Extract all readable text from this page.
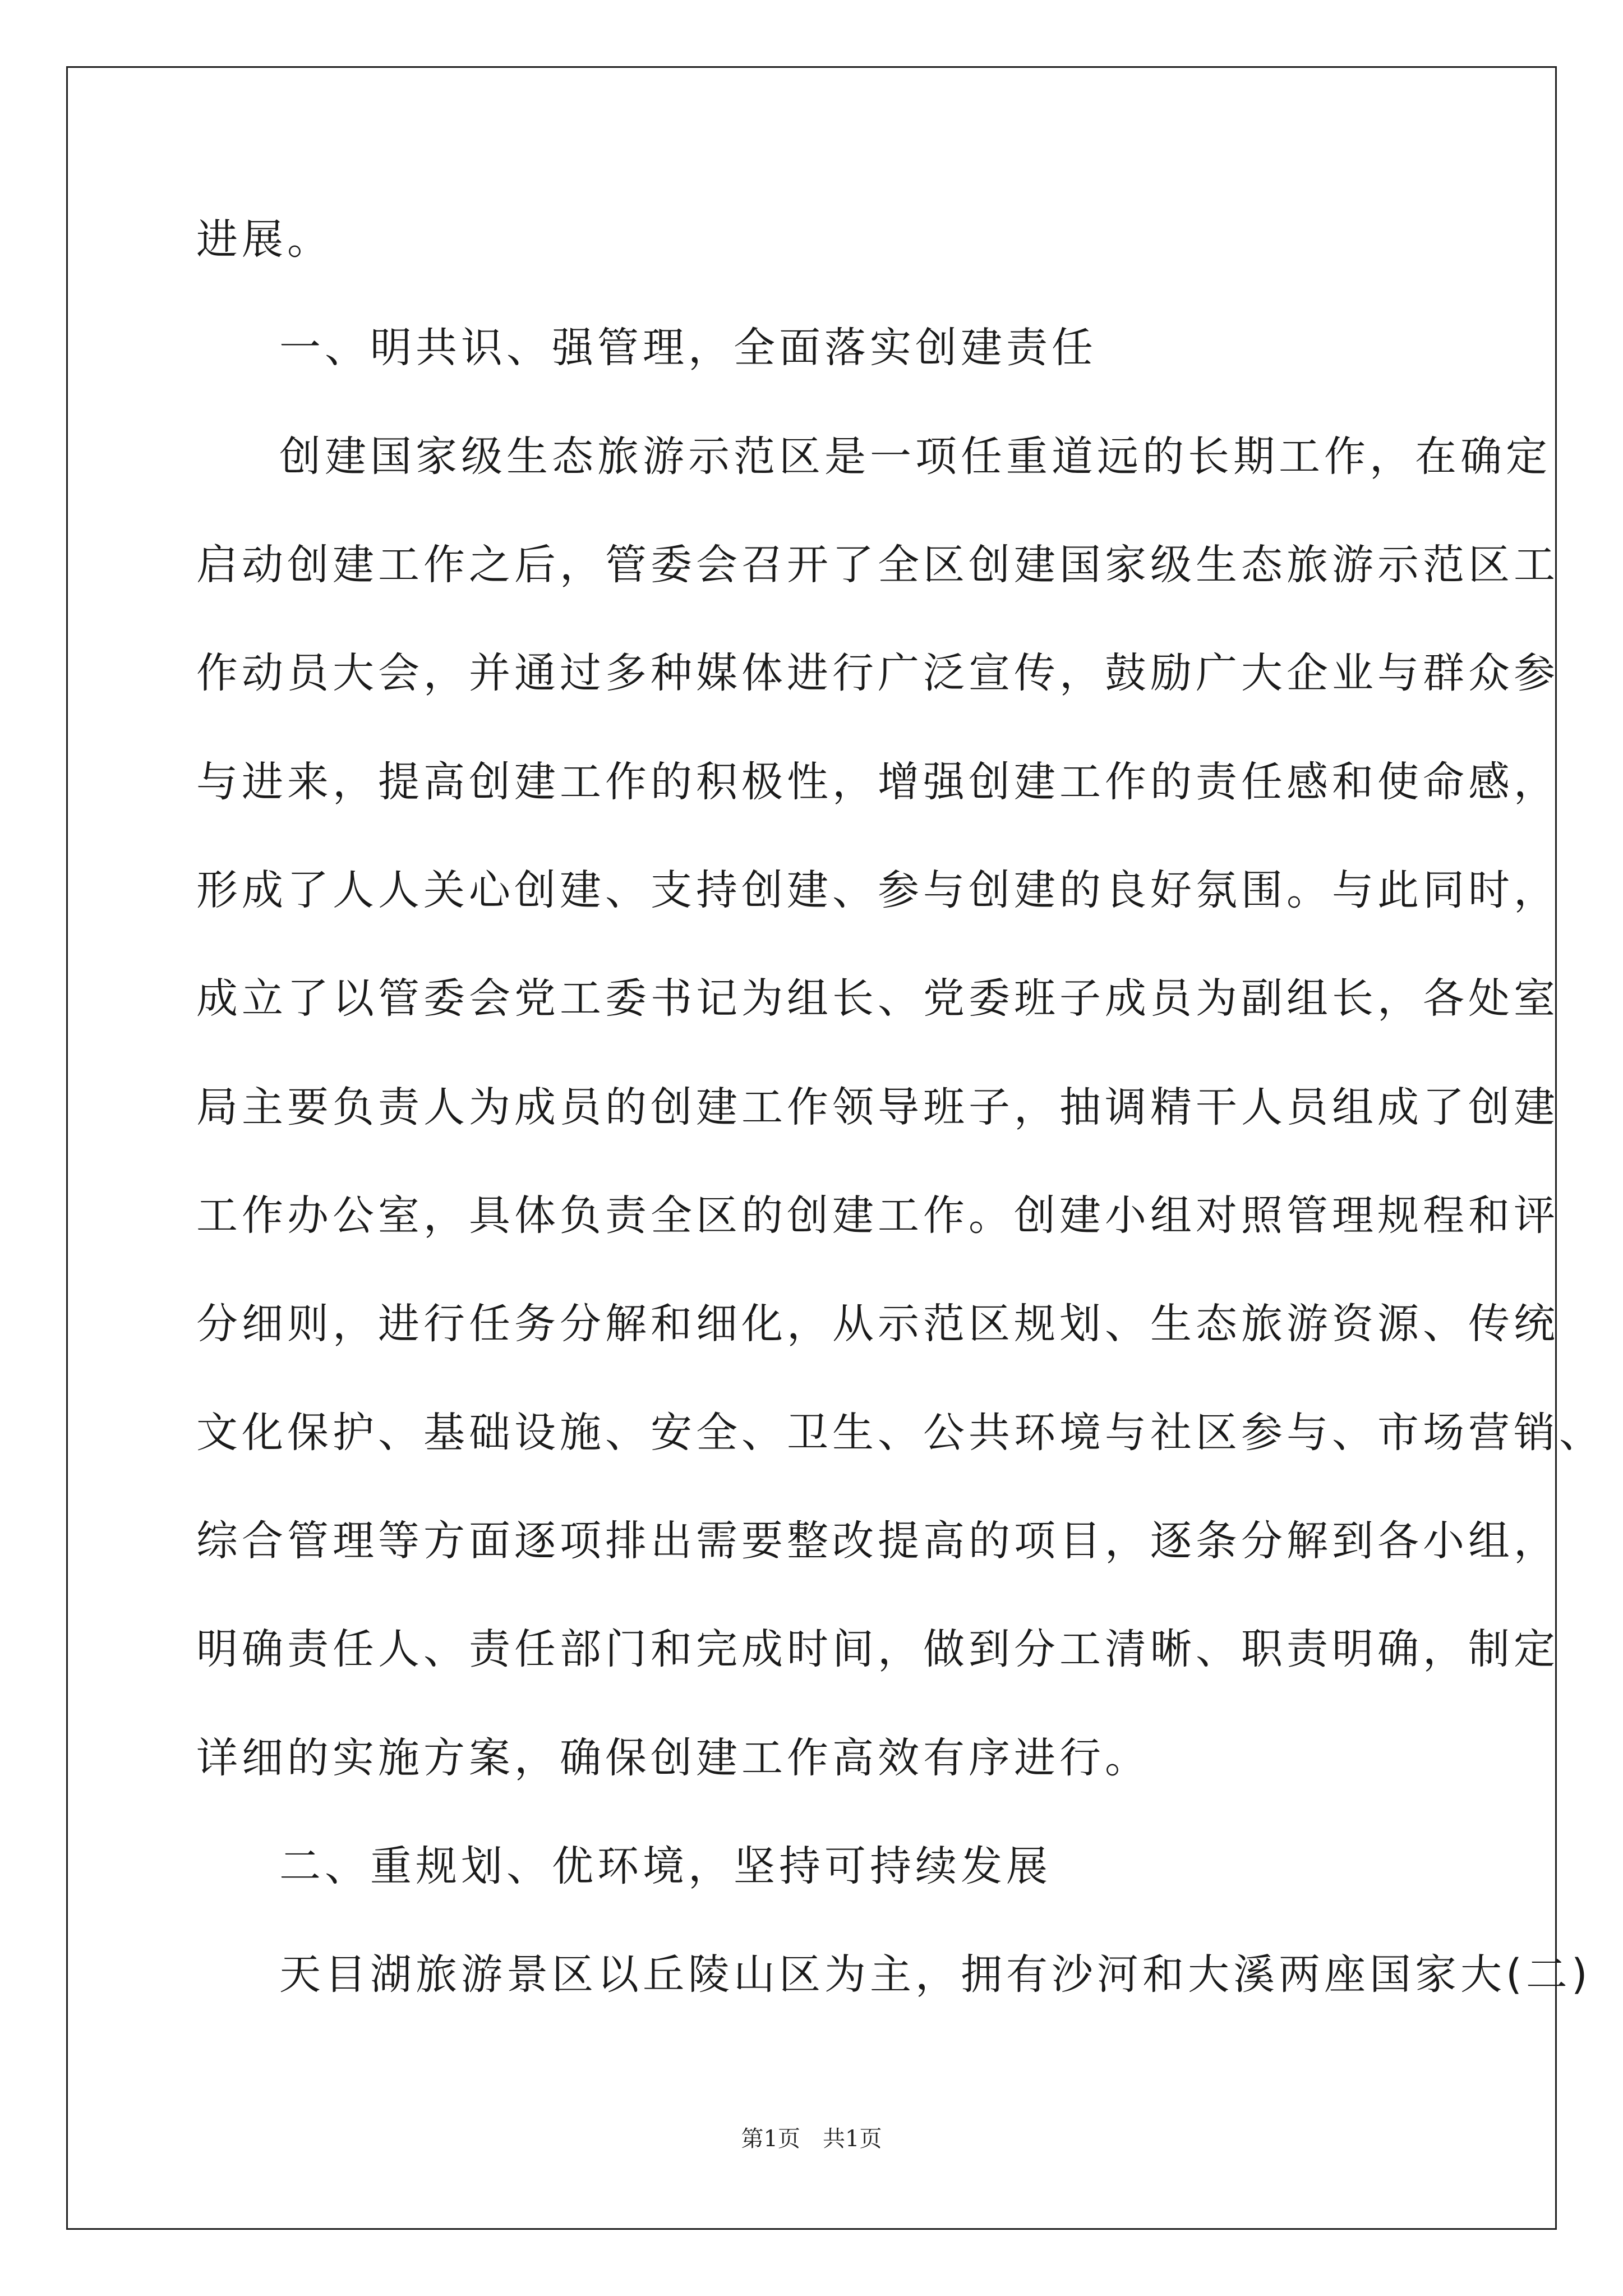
进展。
一、明共识、强管理，全面落实创建责任
创建国家级生态旅游示范区是一项任重道远的长期工作，在确定
启动创建工作之后，管委会召开了全区创建国家级生态旅游示范区工
作动员大会，并通过多种媒体进行广泛宣传，鼓励广大企业与群众参
与进来，提高创建工作的积极性，增强创建工作的责任感和使命感，
形成了人人关心创建、支持创建、参与创建的良好氛围。与此同时，
成立了以管委会党工委书记为组长、党委班子成员为副组长，各处室
局主要负责人为成员的创建工作领导班子，抽调精干人员组成了创建
工作办公室，具体负责全区的创建工作。创建小组对照管理规程和评
分细则，进行任务分解和细化，从示范区规划、生态旅游资源、传统
文化保护、基础设施、安全、卫生、公共环境与社区参与、市场营销、
综合管理等方面逐项排出需要整改提高的项目，逐条分解到各小组，
明确责任人、责任部门和完成时间，做到分工清晰、职责明确，制定
详细的实施方案，确保创建工作高效有序进行。
二、重规划、优环境，坚持可持续发展
天目湖旅游景区以丘陵山区为主，拥有沙河和大溪两座国家大(二)
第1页　共1页
